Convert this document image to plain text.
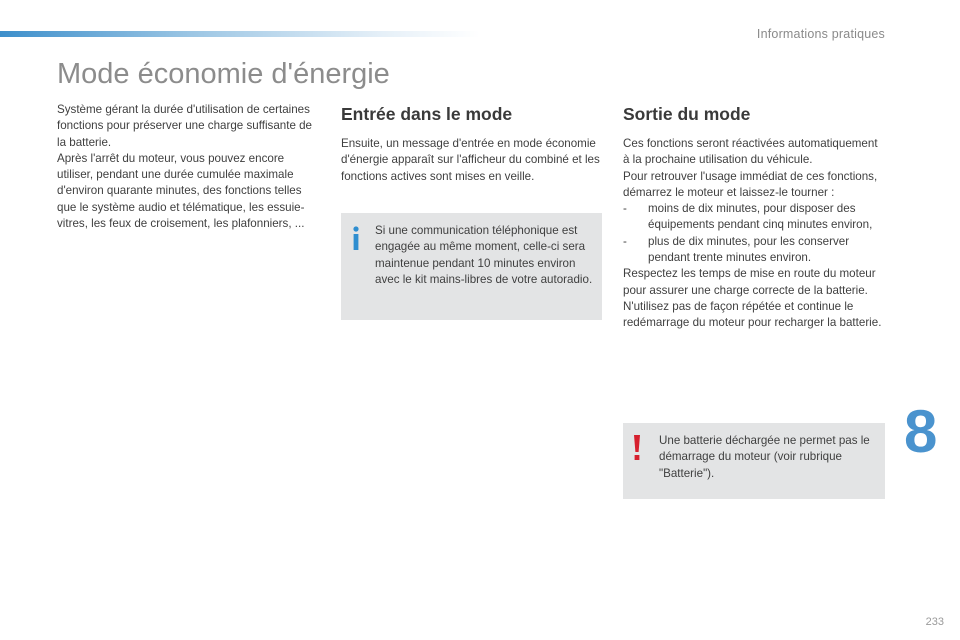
Informations pratiques
Mode économie d'énergie

Système gérant la durée d'utilisation de certaines fonctions pour préserver une charge suffisante de la batterie.

Après l'arrêt du moteur, vous pouvez encore utiliser, pendant une durée cumulée maximale d'environ quarante minutes, des fonctions telles que le système audio et télématique, les essuie-vitres, les feux de croisement, les plafonniers, ...

Entrée dans le mode

Ensuite, un message d'entrée en mode économie d'énergie apparaît sur l'afficheur du combiné et les fonctions actives sont mises en veille.

Si une communication téléphonique est engagée au même moment, celle-ci sera maintenue pendant 10 minutes environ avec le kit mains-libres de votre autoradio.
Sortie du mode

Ces fonctions seront réactivées automatiquement à la prochaine utilisation du véhicule.

Pour retrouver l'usage immédiat de ces fonctions, démarrez le moteur et laissez-le tourner :

- moins de dix minutes, pour disposer des équipements pendant cinq minutes environ,
- plus de dix minutes, pour les conserver pendant trente minutes environ.

Respectez les temps de mise en route du moteur pour assurer une charge correcte de la batterie.

N'utilisez pas de façon répétée et continue le redémarrage du moteur pour recharger la batterie.

Une batterie déchargée ne permet pas le démarrage du moteur (voir rubrique "Batterie").
8
233
